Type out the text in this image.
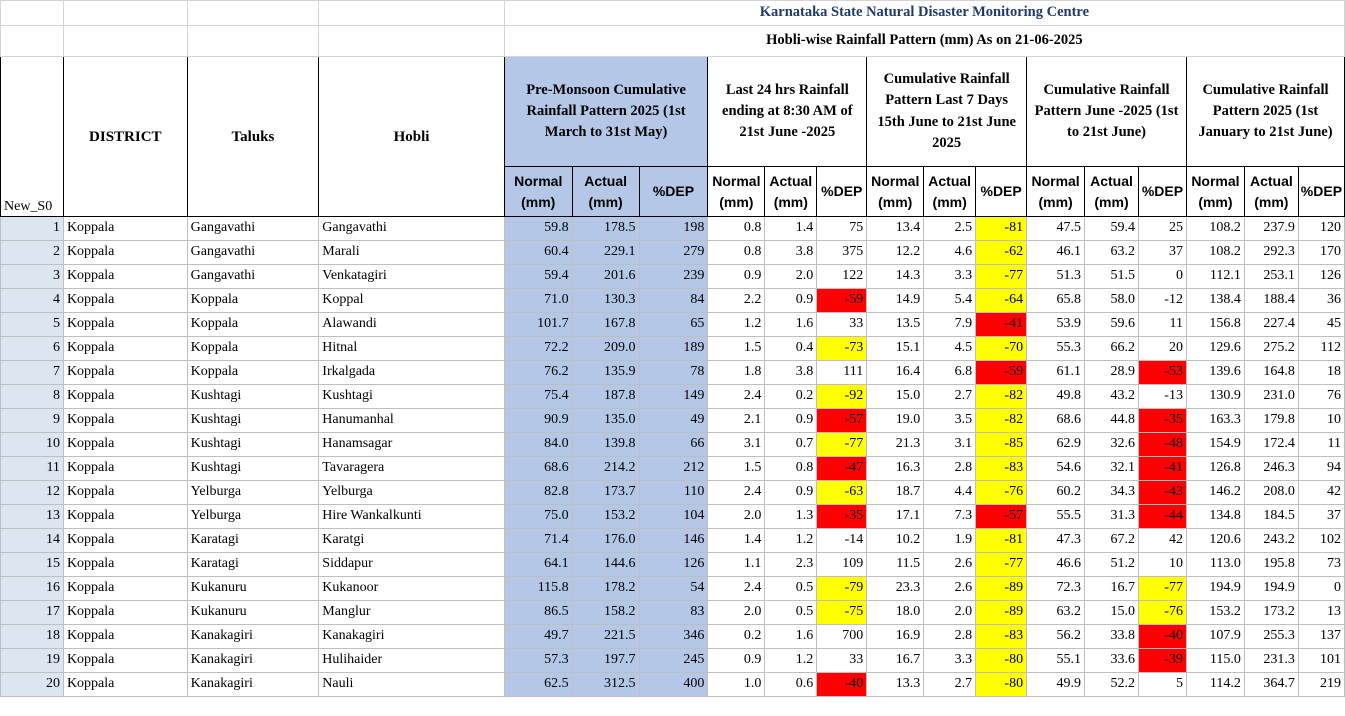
				Karnataka State Natural Disaster Monitoring Centre														
				Hobli-wise Rainfall Pattern (mm) As on 21-06-2025														
New_S0	DISTRICT	Taluks	Hobli	Pre-Monsoon Cumulative Rainfall Pattern 2025 (1st March to 31st May)			Last 24 hrs Rainfall ending at 8:30 AM of 21st June -2025			Cumulative Rainfall Pattern Last 7 Days 15th June to 21st June 2025			Cumulative Rainfall Pattern June -2025 (1st to 21st June)			Cumulative Rainfall Pattern 2025 (1st January to 21st June)		
				Normal (mm)	Actual (mm)	%DEP	Normal (mm)	Actual (mm)	%DEP	Normal (mm)	Actual (mm)	%DEP	Normal (mm)	Actual (mm)	%DEP	Normal (mm)	Actual (mm)	%DEP
1	Koppala	Gangavathi	Gangavathi	59.8	178.5	198	0.8	1.4	75	13.4	2.5	-81	47.5	59.4	25	108.2	237.9	120
2	Koppala	Gangavathi	Marali	60.4	229.1	279	0.8	3.8	375	12.2	4.6	-62	46.1	63.2	37	108.2	292.3	170
3	Koppala	Gangavathi	Venkatagiri	59.4	201.6	239	0.9	2.0	122	14.3	3.3	-77	51.3	51.5	0	112.1	253.1	126
4	Koppala	Koppala	Koppal	71.0	130.3	84	2.2	0.9	-59	14.9	5.4	-64	65.8	58.0	-12	138.4	188.4	36
5	Koppala	Koppala	Alawandi	101.7	167.8	65	1.2	1.6	33	13.5	7.9	-41	53.9	59.6	11	156.8	227.4	45
6	Koppala	Koppala	Hitnal	72.2	209.0	189	1.5	0.4	-73	15.1	4.5	-70	55.3	66.2	20	129.6	275.2	112
7	Koppala	Koppala	Irkalgada	76.2	135.9	78	1.8	3.8	111	16.4	6.8	-59	61.1	28.9	-53	139.6	164.8	18
8	Koppala	Kushtagi	Kushtagi	75.4	187.8	149	2.4	0.2	-92	15.0	2.7	-82	49.8	43.2	-13	130.9	231.0	76
9	Koppala	Kushtagi	Hanumanhal	90.9	135.0	49	2.1	0.9	-57	19.0	3.5	-82	68.6	44.8	-35	163.3	179.8	10
10	Koppala	Kushtagi	Hanamsagar	84.0	139.8	66	3.1	0.7	-77	21.3	3.1	-85	62.9	32.6	-48	154.9	172.4	11
11	Koppala	Kushtagi	Tavaragera	68.6	214.2	212	1.5	0.8	-47	16.3	2.8	-83	54.6	32.1	-41	126.8	246.3	94
12	Koppala	Yelburga	Yelburga	82.8	173.7	110	2.4	0.9	-63	18.7	4.4	-76	60.2	34.3	-43	146.2	208.0	42
13	Koppala	Yelburga	Hire Wankalkunti	75.0	153.2	104	2.0	1.3	-35	17.1	7.3	-57	55.5	31.3	-44	134.8	184.5	37
14	Koppala	Karatagi	Karatgi	71.4	176.0	146	1.4	1.2	-14	10.2	1.9	-81	47.3	67.2	42	120.6	243.2	102
15	Koppala	Karatagi	Siddapur	64.1	144.6	126	1.1	2.3	109	11.5	2.6	-77	46.6	51.2	10	113.0	195.8	73
16	Koppala	Kukanuru	Kukanoor	115.8	178.2	54	2.4	0.5	-79	23.3	2.6	-89	72.3	16.7	-77	194.9	194.9	0
17	Koppala	Kukanuru	Manglur	86.5	158.2	83	2.0	0.5	-75	18.0	2.0	-89	63.2	15.0	-76	153.2	173.2	13
18	Koppala	Kanakagiri	Kanakagiri	49.7	221.5	346	0.2	1.6	700	16.9	2.8	-83	56.2	33.8	-40	107.9	255.3	137
19	Koppala	Kanakagiri	Hulihaider	57.3	197.7	245	0.9	1.2	33	16.7	3.3	-80	55.1	33.6	-39	115.0	231.3	101
20	Koppala	Kanakagiri	Nauli	62.5	312.5	400	1.0	0.6	-40	13.3	2.7	-80	49.9	52.2	5	114.2	364.7	219
